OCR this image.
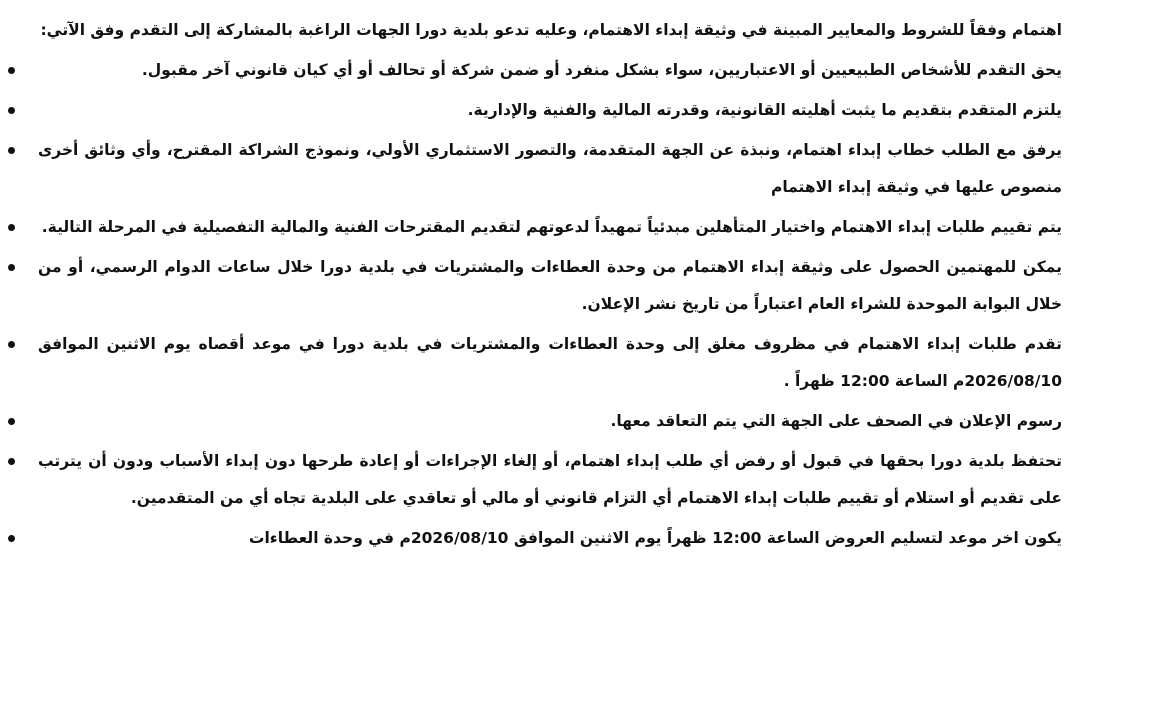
اهتمام وفقاً للشروط والمعايير المبينة في وثيقة إبداء الاهتمام، وعليه تدعو بلدية دورا الجهات الراغبة بالمشاركة إلى التقدم وفق الآتي:

يحق التقدم للأشخاص الطبيعيين أو الاعتباريين، سواء بشكل منفرد أو ضمن شركة أو تحالف أو أي كيان قانوني آخر مقبول.
يلتزم المتقدم بتقديم ما يثبت أهليته القانونية، وقدرته المالية والفنية والإدارية.
يرفق مع الطلب خطاب إبداء اهتمام، ونبذة عن الجهة المتقدمة، والتصور الاستثماري الأولي، ونموذج الشراكة المقترح، وأي وثائق أخرى منصوص عليها في وثيقة إبداء الاهتمام
يتم تقييم طلبات إبداء الاهتمام واختيار المتأهلين مبدئياً تمهيداً لدعوتهم لتقديم المقترحات الفنية والمالية التفصيلية في المرحلة التالية.
يمكن للمهتمين الحصول على وثيقة إبداء الاهتمام من وحدة العطاءات والمشتريات في بلدية دورا خلال ساعات الدوام الرسمي، أو من خلال البوابة الموحدة للشراء العام اعتباراً من تاريخ نشر الإعلان.
تقدم طلبات إبداء الاهتمام في مظروف مغلق إلى وحدة العطاءات والمشتريات في بلدية دورا في موعد أقصاه يوم الاثنين الموافق 2026/08/10م الساعة 12:00 ظهراً .
رسوم الإعلان في الصحف على الجهة التي يتم التعاقد معها.
تحتفظ بلدية دورا بحقها في قبول أو رفض أي طلب إبداء اهتمام، أو إلغاء الإجراءات أو إعادة طرحها دون إبداء الأسباب ودون أن يترتب على تقديم أو استلام أو تقييم طلبات إبداء الاهتمام أي التزام قانوني أو مالي أو تعاقدي على البلدية تجاه أي من المتقدمين.
يكون اخر موعد لتسليم العروض الساعة 12:00 ظهراً يوم الاثنين الموافق 2026/08/10م في وحدة العطاءات
